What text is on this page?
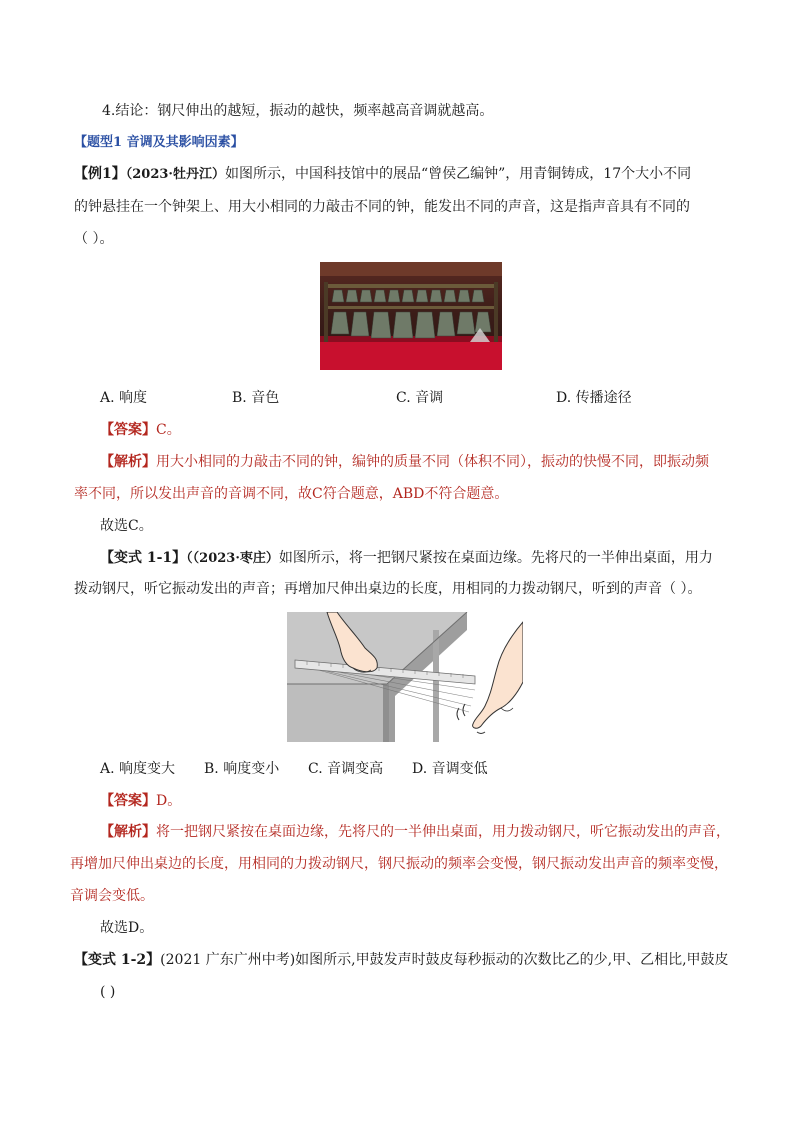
4.结论：钢尺伸出的越短，振动的越快，频率越高音调就越高。
【题型1 音调及其影响因素】
【例1】（2023·牡丹江）如图所示，中国科技馆中的展品“曾侯乙编钟”，用青铜铸成，17个大小不同
的钟悬挂在一个钟架上、用大小相同的力敲击不同的钟，能发出不同的声音，这是指声音具有不同的
（ ）。
A. 响度	B. 音色	C. 音调	D. 传播途径
【答案】C。
【解析】用大小相同的力敲击不同的钟，编钟的质量不同（体积不同），振动的快慢不同，即振动频
率不同，所以发出声音的音调不同，故C符合题意，ABD不符合题意。
故选C。
【变式 1-1】（（2023·枣庄）如图所示，将一把钢尺紧按在桌面边缘。先将尺的一半伸出桌面，用力
拨动钢尺，听它振动发出的声音；再增加尺伸出桌边的长度，用相同的力拨动钢尺，听到的声音（ ）。
A. 响度变大 B. 响度变小 C. 音调变高 D. 音调变低
【答案】D。
【解析】将一把钢尺紧按在桌面边缘，先将尺的一半伸出桌面，用力拨动钢尺，听它振动发出的声音，
再增加尺伸出桌边的长度，用相同的力拨动钢尺，钢尺振动的频率会变慢，钢尺振动发出声音的频率变慢，
音调会变低。
故选D。
【变式 1-2】(2021 广东广州中考)如图所示,甲鼓发声时鼓皮每秒振动的次数比乙的少,甲、乙相比,甲鼓皮
( )
